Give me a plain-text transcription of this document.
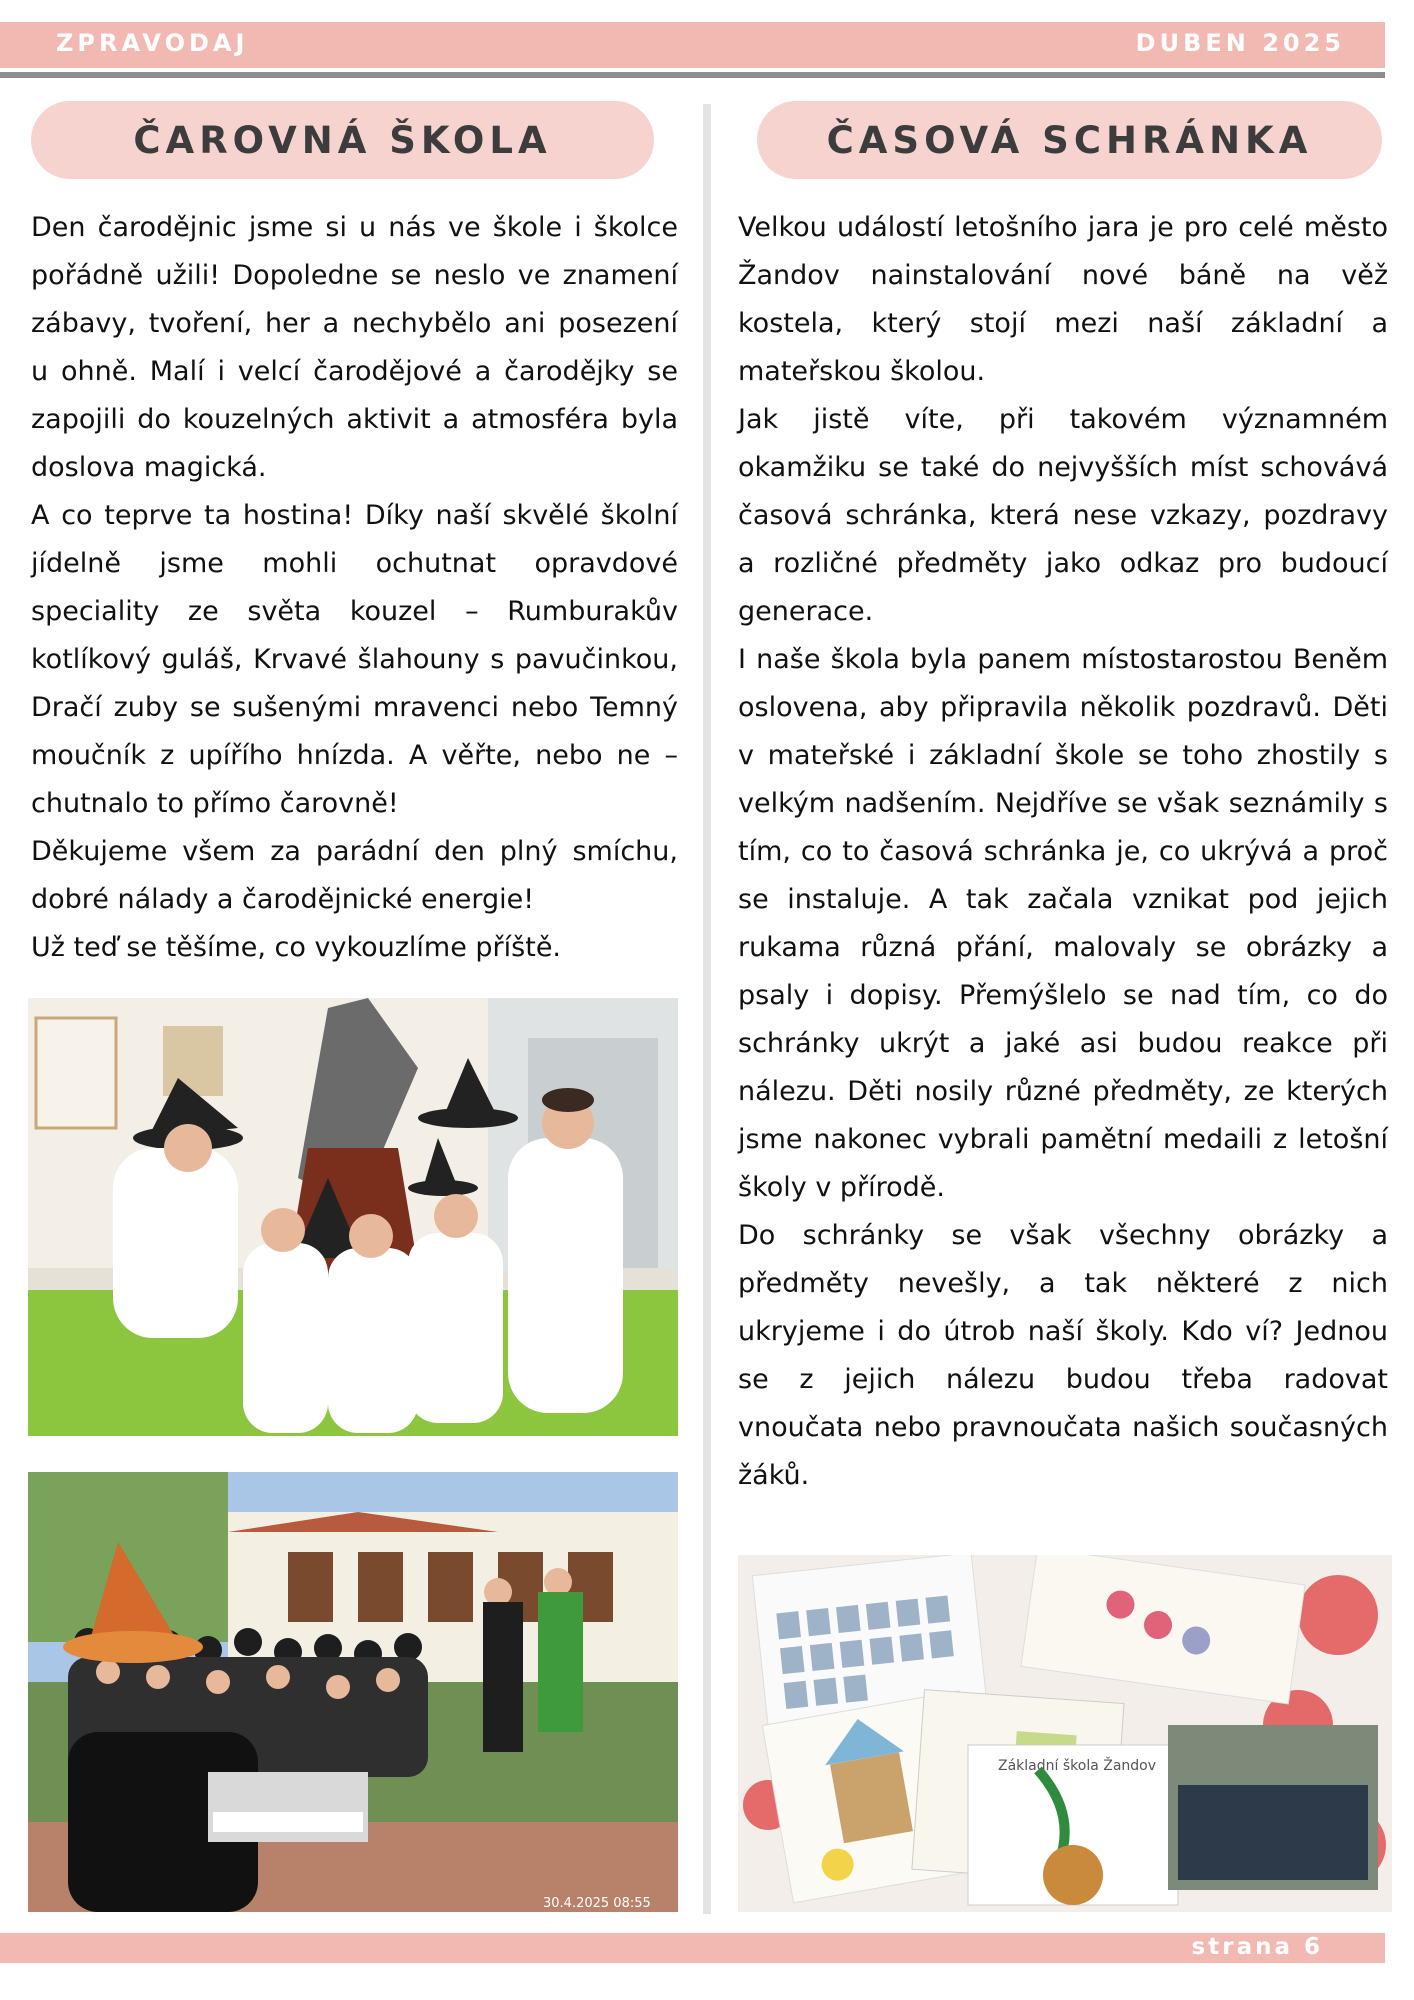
ZPRAVODAJ	DUBEN 2025
ČAROVNÁ ŠKOLA	ČASOVÁ SCHRÁNKA

Den čarodějnic jsme si u nás ve škole i školce pořádně užili! Dopoledne se neslo ve znamení zábavy, tvoření, her a nechybělo ani posezení u ohně. Malí i velcí čarodějové a čarodějky se zapojili do kouzelných aktivit a atmosféra byla doslova magická.

A co teprve ta hostina! Díky naší skvělé školní jídelně jsme mohli ochutnat opravdové speciality ze světa kouzel – Rumburakův kotlíkový guláš, Krvavé šlahouny s pavučinkou, Dračí zuby se sušenými mravenci nebo Temný moučník z upířího hnízda. A věřte, nebo ne – chutnalo to přímo čarovně!

Děkujeme všem za parádní den plný smíchu, dobré nálady a čarodějnické energie!

Už teď se těšíme, co vykouzlíme příště.

Velkou událostí letošního jara je pro celé město Žandov nainstalování nové báně na věž kostela, který stojí mezi naší základní a mateřskou školou.

Jak jistě víte, při takovém významném okamžiku se také do nejvyšších míst schovává časová schránka, která nese vzkazy, pozdravy a rozličné předměty jako odkaz pro budoucí generace.

I naše škola byla panem místostarostou Beněm oslovena, aby připravila několik pozdravů. Děti v mateřské i základní škole se toho zhostily s velkým nadšením. Nejdříve se však seznámily s tím, co to časová schránka je, co ukrývá a proč se instaluje. A tak začala vznikat pod jejich rukama různá přání, malovaly se obrázky a psaly i dopisy. Přemýšlelo se nad tím, co do schránky ukrýt a jaké asi budou reakce při nálezu. Děti nosily různé předměty, ze kterých jsme nakonec vybrali pamětní medaili z letošní školy v přírodě.

Do schránky se však všechny obrázky a předměty nevešly, a tak některé z nich ukryjeme i do útrob naší školy. Kdo ví? Jednou se z jejich nálezu budou třeba radovat vnoučata nebo pravnoučata našich současných žáků.

30.4.2025 08:55
Základní škola Žandov
strana 6
